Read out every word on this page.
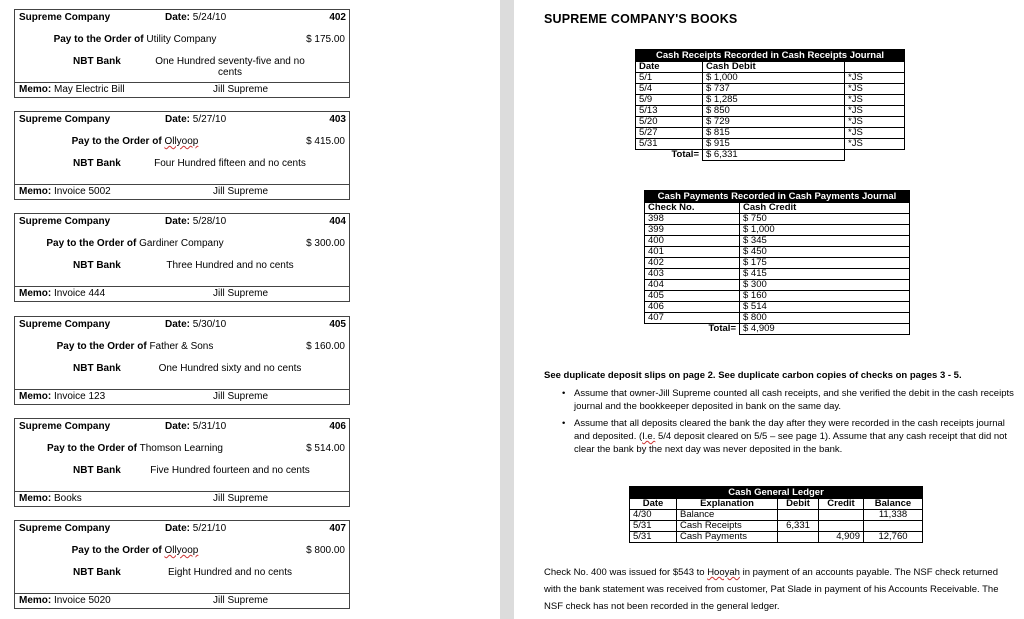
Supreme Company	Date: 5/24/10	402
Pay to the Order of Utility Company	$ 175.00
NBT Bank	One Hundred seventy-five and no cents
Memo: May Electric Bill	Jill Supreme
Supreme Company	Date: 5/27/10	403
Pay to the Order of Ollyoop	$ 415.00
NBT Bank	Four Hundred fifteen and no cents
Memo: Invoice 5002	Jill Supreme
Supreme Company	Date: 5/28/10	404
Pay to the Order of Gardiner Company	$ 300.00
NBT Bank	Three Hundred and no cents
Memo: Invoice 444	Jill Supreme
Supreme Company	Date: 5/30/10	405
Pay to the Order of Father & Sons	$ 160.00
NBT Bank	One Hundred sixty and no cents
Memo: Invoice 123	Jill Supreme
Supreme Company	Date: 5/31/10	406
Pay to the Order of Thomson Learning	$ 514.00
NBT Bank	Five Hundred fourteen and no cents
Memo: Books	Jill Supreme
Supreme Company	Date: 5/21/10	407
Pay to the Order of Ollyoop	$ 800.00
NBT Bank	Eight Hundred and no cents
Memo: Invoice 5020	Jill Supreme
SUPREME COMPANY'S BOOKS
Cash Receipts Recorded in Cash Receipts Journal		
Date	Cash Debit	
5/1	$ 1,000	*JS
5/4	$ 737	*JS
5/9	$ 1,285	*JS
5/13	$ 850	*JS
5/20	$ 729	*JS
5/27	$ 815	*JS
5/31	$ 915	*JS
Total=	$ 6,331	
Cash Payments Recorded in Cash Payments Journal	
Check No.	Cash Credit
398	$ 750
399	$ 1,000
400	$ 345
401	$ 450
402	$ 175
403	$ 415
404	$ 300
405	$ 160
406	$ 514
407	$ 800
Total=	$ 4,909
See duplicate deposit slips on page 2. See duplicate carbon copies of checks on pages 3 - 5.
• Assume that owner-Jill Supreme counted all cash receipts, and she verified the debit in the cash receipts journal and the bookkeeper deposited in bank on the same day.
• Assume that all deposits cleared the bank the day after they were recorded in the cash receipts journal and deposited. (I.e. 5/4 deposit cleared on 5/5 – see page 1). Assume that any cash receipt that did not clear the bank by the next day was never deposited in the bank.
Cash General Ledger				
Date	Explanation	Debit	Credit	Balance
4/30	Balance			11,338
5/31	Cash Receipts	6,331		
5/31	Cash Payments		4,909	12,760
Check No. 400 was issued for $543 to Hooyah in payment of an accounts payable. The NSF check returned with the bank statement was received from customer, Pat Slade in payment of his Accounts Receivable. The NSF check has not been recorded in the general ledger.
